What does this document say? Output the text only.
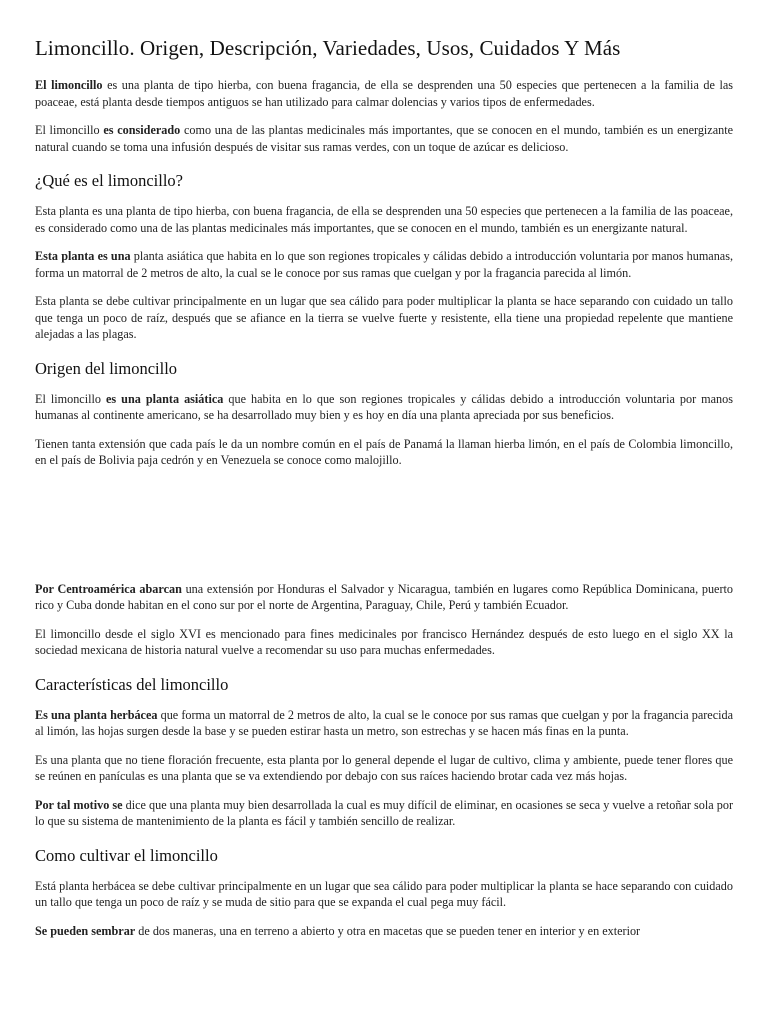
Limoncillo. Origen, Descripción, Variedades, Usos, Cuidados Y Más

El limoncillo es una planta de tipo hierba, con buena fragancia, de ella se desprenden una 50 especies que pertenecen a la familia de las poaceae, está planta desde tiempos antiguos se han utilizado para calmar dolencias y varios tipos de enfermedades.

El limoncillo es considerado como una de las plantas medicinales más importantes, que se conocen en el mundo, también es un energizante natural cuando se toma una infusión después de visitar sus ramas verdes, con un toque de azúcar es delicioso.

¿Qué es el limoncillo?

Esta planta es una planta de tipo hierba, con buena fragancia, de ella se desprenden una 50 especies que pertenecen a la familia de las poaceae, es considerado como una de las plantas medicinales más importantes, que se conocen en el mundo, también es un energizante natural.

Esta planta es una planta asiática que habita en lo que son regiones tropicales y cálidas debido a introducción voluntaria por manos humanas, forma un matorral de 2 metros de alto, la cual se le conoce por sus ramas que cuelgan y por la fragancia parecida al limón.

Esta planta se debe cultivar principalmente en un lugar que sea cálido para poder multiplicar la planta se hace separando con cuidado un tallo que tenga un poco de raíz, después que se afiance en la tierra se vuelve fuerte y resistente, ella tiene una propiedad repelente que mantiene alejadas a las plagas.

Origen del limoncillo

El limoncillo es una planta asiática que habita en lo que son regiones tropicales y cálidas debido a introducción voluntaria por manos humanas al continente americano, se ha desarrollado muy bien y es hoy en día una planta apreciada por sus beneficios.

Tienen tanta extensión que cada país le da un nombre común en el país de Panamá la llaman hierba limón, en el país de Colombia limoncillo, en el país de Bolivia paja cedrón y en Venezuela se conoce como malojillo.

Por Centroamérica abarcan una extensión por Honduras el Salvador y Nicaragua, también en lugares como República Dominicana, puerto rico y Cuba donde habitan en el cono sur por el norte de Argentina, Paraguay, Chile, Perú y también Ecuador.

El limoncillo desde el siglo XVI es mencionado para fines medicinales por francisco Hernández después de esto luego en el siglo XX la sociedad mexicana de historia natural vuelve a recomendar su uso para muchas enfermedades.

Características del limoncillo

Es una planta herbácea que forma un matorral de 2 metros de alto, la cual se le conoce por sus ramas que cuelgan y por la fragancia parecida al limón, las hojas surgen desde la base y se pueden estirar hasta un metro, son estrechas y se hacen más finas en la punta.

Es una planta que no tiene floración frecuente, esta planta por lo general depende el lugar de cultivo, clima y ambiente, puede tener flores que se reúnen en panículas es una planta que se va extendiendo por debajo con sus raíces haciendo brotar cada vez más hojas.

Por tal motivo se dice que una planta muy bien desarrollada la cual es muy difícil de eliminar, en ocasiones se seca y vuelve a retoñar sola por lo que su sistema de mantenimiento de la planta es fácil y también sencillo de realizar.

Como cultivar el limoncillo

Está planta herbácea se debe cultivar principalmente en un lugar que sea cálido para poder multiplicar la planta se hace separando con cuidado un tallo que tenga un poco de raíz y se muda de sitio para que se expanda el cual pega muy fácil.

Se pueden sembrar de dos maneras, una en terreno a abierto y otra en macetas que se pueden tener en interior y en exterior
